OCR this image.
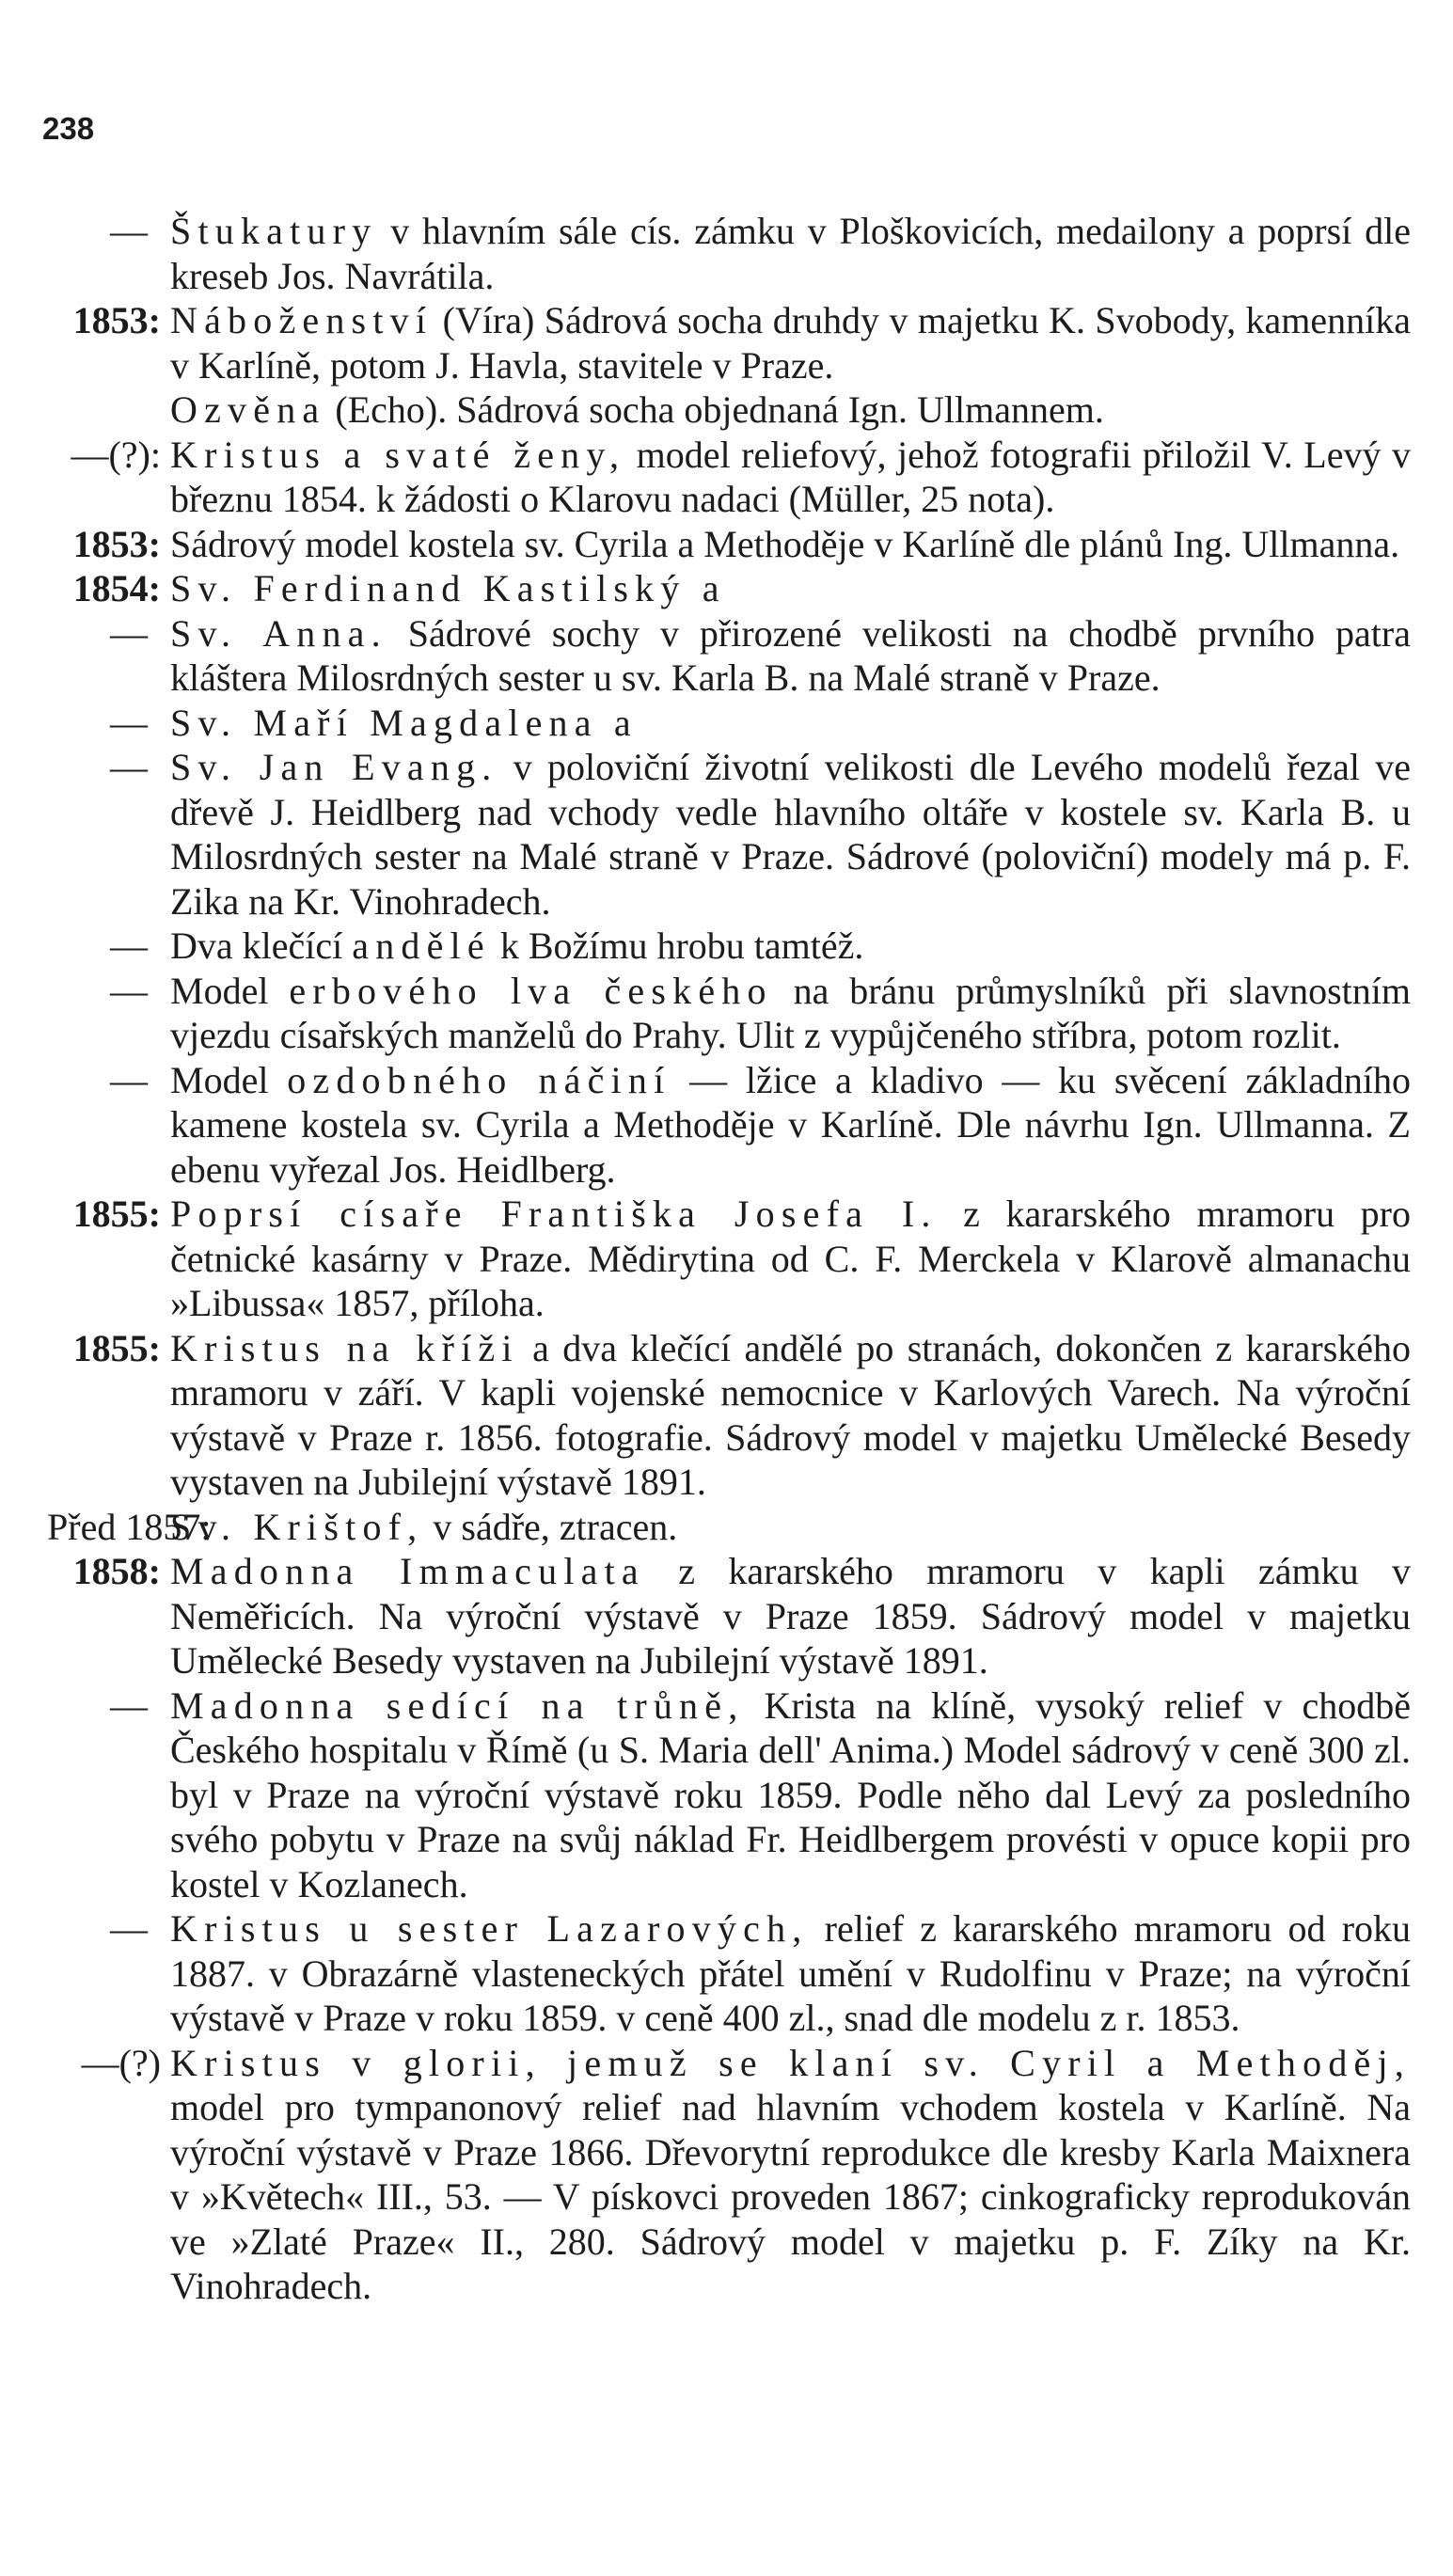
238
— Štukatury v hlavním sále cís. zámku v Ploškovicích, medailony a poprsí dle kreseb Jos. Navrátila.

1853: Náboženství (Víra) Sádrová socha druhdy v majetku K. Svobody, kamenníka v Karlíně, potom J. Havla, stavitele v Praze.

Ozvěna (Echo). Sádrová socha objednaná Ign. Ullmannem.

—(?): Kristus a svaté ženy, model reliefový, jehož fotografii přiložil V. Levý v březnu 1854. k žádosti o Klarovu nadaci (Müller, 25 nota).

1853: Sádrový model kostela sv. Cyrila a Methoděje v Karlíně dle plánů Ing. Ullmanna.

1854: Sv. Ferdinand Kastilský a

— Sv. Anna. Sádrové sochy v přirozené velikosti na chodbě prvního patra kláštera Milosrdných sester u sv. Karla B. na Malé straně v Praze.

— Sv. Maří Magdalena a

— Sv. Jan Evang. v poloviční životní velikosti dle Levého modelů řezal ve dřevě J. Heidlberg nad vchody vedle hlavního oltáře v kostele sv. Karla B. u Milosrdných sester na Malé straně v Praze. Sádrové (poloviční) modely má p. F. Zika na Kr. Vinohradech.

— Dva klečící andělé k Božímu hrobu tamtéž.

— Model erbového lva českého na bránu průmyslníků při slavnostním vjezdu císařských manželů do Prahy. Ulit z vypůjčeného stříbra, potom rozlit.

— Model ozdobného náčiní — lžice a kladivo — ku svěcení základního kamene kostela sv. Cyrila a Methoděje v Karlíně. Dle návrhu Ign. Ullmanna. Z ebenu vyřezal Jos. Heidlberg.

1855: Poprsí císaře Františka Josefa I. z kararského mramoru pro četnické kasárny v Praze. Mědirytina od C. F. Merckela v Klarově almanachu »Libussa« 1857, příloha.

1855: Kristus na kříži a dva klečící andělé po stranách, dokončen z kararského mramoru v září. V kapli vojenské nemocnice v Karlových Varech. Na výroční výstavě v Praze r. 1856. fotografie. Sádrový model v majetku Umělecké Besedy vystaven na Jubilejní výstavě 1891.

Před 1857:

Sv. Krištof, v sádře, ztracen.

1858: Madonna Immaculata z kararského mramoru v kapli zámku v Neměřicích. Na výroční výstavě v Praze 1859. Sádrový model v majetku Umělecké Besedy vystaven na Jubilejní výstavě 1891.

— Madonna sedící na trůně, Krista na klíně, vysoký relief v chodbě Českého hospitalu v Římě (u S. Maria dell' Anima.) Model sádrový v ceně 300 zl. byl v Praze na výroční výstavě roku 1859. Podle něho dal Levý za posledního svého pobytu v Praze na svůj náklad Fr. Heidlbergem provésti v opuce kopii pro kostel v Kozlanech.

— Kristus u sester Lazarových, relief z kararského mramoru od roku 1887. v Obrazárně vlasteneckých přátel umění v Rudolfinu v Praze; na výroční výstavě v Praze v roku 1859. v ceně 400 zl., snad dle modelu z r. 1853.

—(?) Kristus v glorii, jemuž se klaní sv. Cyril a Methoděj, model pro tympanonový relief nad hlavním vchodem kostela v Karlíně. Na výroční výstavě v Praze 1866. Dřevorytní reprodukce dle kresby Karla Maixnera v »Květech« III., 53. — V pískovci proveden 1867; cinkograficky reprodukován ve »Zlaté Praze« II., 280. Sádrový model v majetku p. F. Zíky na Kr. Vinohradech.
